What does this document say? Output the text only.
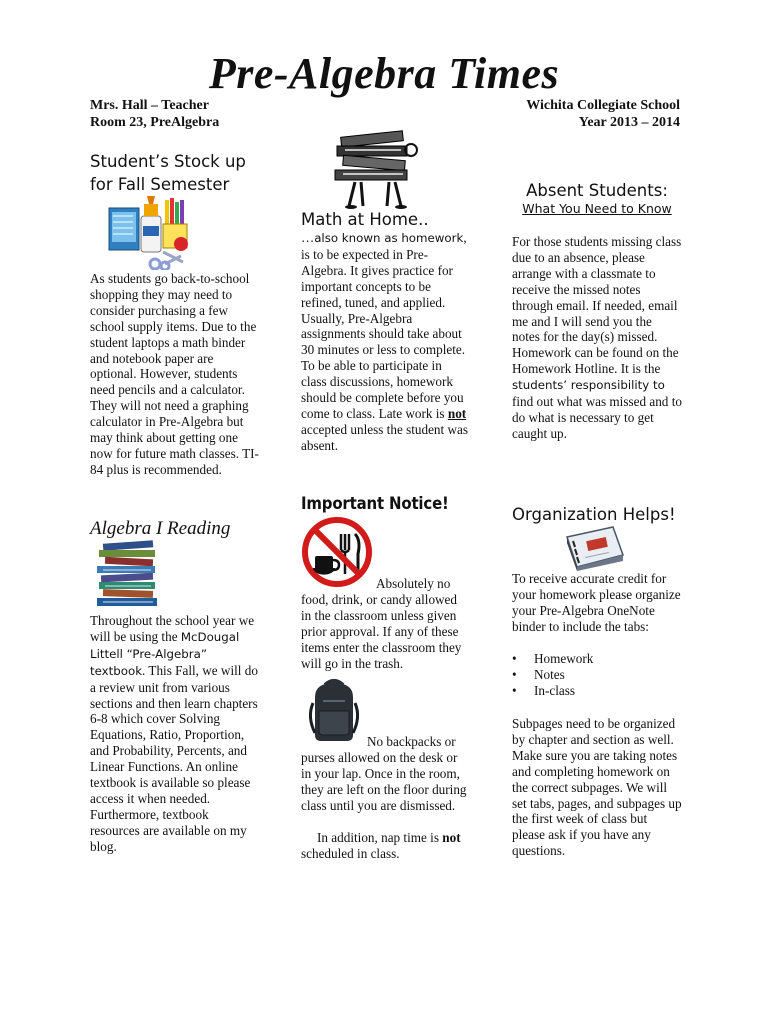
Pre-Algebra Times
Mrs. Hall – Teacher
Room 23, PreAlgebra
Wichita Collegiate School
Year 2013 – 2014
Student’s Stock up
for Fall Semester
As students go back-to-school shopping they may need to consider purchasing a few school supply items. Due to the student laptops a math binder and notebook paper are optional. However, students need pencils and a calculator. They will not need a graphing calculator in Pre-Algebra but may think about getting one now for future math classes. TI-84 plus is recommended.
Algebra I Reading
Throughout the school year we will be using the McDougal Littell “Pre-Algebra” textbook. This Fall, we will do a review unit from various sections and then learn chapters 6-8 which cover Solving Equations, Ratio, Proportion, and Probability, Percents, and Linear Functions. An online textbook is available so please access it when needed. Furthermore, textbook resources are available on my blog.
Math at Home..
…also known as homework, is to be expected in Pre-Algebra. It gives practice for important concepts to be refined, tuned, and applied. Usually, Pre-Algebra assignments should take about 30 minutes or less to complete. To be able to participate in class discussions, homework should be complete before you come to class. Late work is not accepted unless the student was absent.
Important Notice!
Absolutely no
food, drink, or candy allowed in the classroom unless given prior approval. If any of these items enter the classroom they will go in the trash.
No backpacks or
purses allowed on the desk or in your lap. Once in the room, they are left on the floor during class until you are dismissed.
In addition, nap time is not scheduled in class.
Absent Students:
What You Need to Know
For those students missing class due to an absence, please arrange with a classmate to receive the missed notes through email. If needed, email me and I will send you the notes for the day(s) missed. Homework can be found on the Homework Hotline. It is the students’ responsibility to find out what was missed and to do what is necessary to get caught up.
Organization Helps!
To receive accurate credit for your homework please organize your Pre-Algebra OneNote binder to include the tabs:
• Homework
• Notes
• In-class
Subpages need to be organized by chapter and section as well. Make sure you are taking notes and completing homework on the correct subpages. We will set tabs, pages, and subpages up the first week of class but please ask if you have any questions.
